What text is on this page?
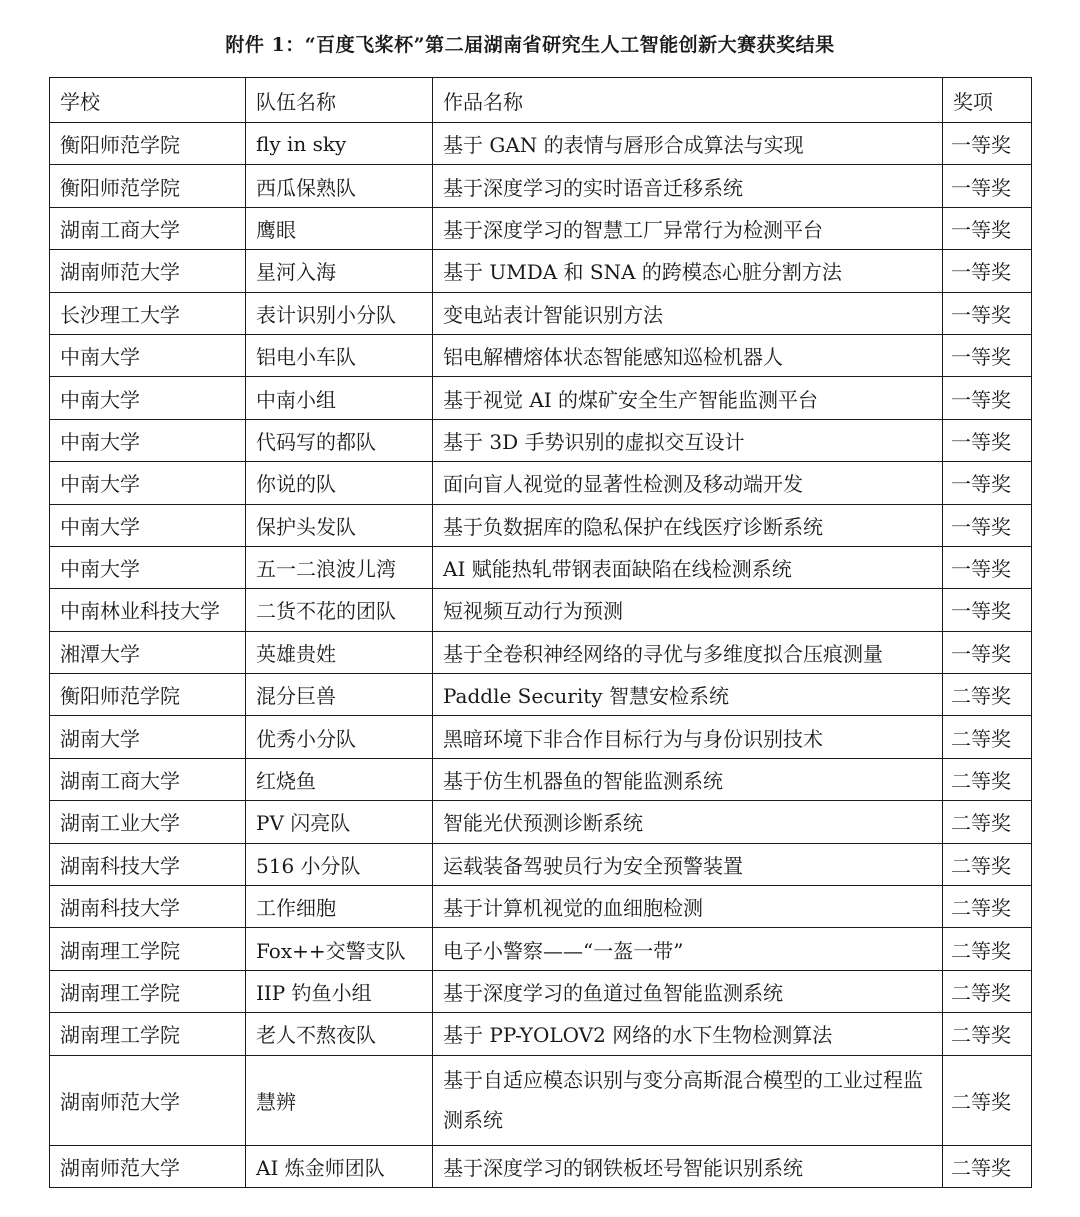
附件 1：“百度飞桨杯”第二届湖南省研究生人工智能创新大赛获奖结果
学校	队伍名称	作品名称	奖项
衡阳师范学院	fly in sky	基于 GAN 的表情与唇形合成算法与实现	一等奖
衡阳师范学院	西瓜保熟队	基于深度学习的实时语音迁移系统	一等奖
湖南工商大学	鹰眼	基于深度学习的智慧工厂异常行为检测平台	一等奖
湖南师范大学	星河入海	基于 UMDA 和 SNA 的跨模态心脏分割方法	一等奖
长沙理工大学	表计识别小分队	变电站表计智能识别方法	一等奖
中南大学	铝电小车队	铝电解槽熔体状态智能感知巡检机器人	一等奖
中南大学	中南小组	基于视觉 AI 的煤矿安全生产智能监测平台	一等奖
中南大学	代码写的都队	基于 3D 手势识别的虚拟交互设计	一等奖
中南大学	你说的队	面向盲人视觉的显著性检测及移动端开发	一等奖
中南大学	保护头发队	基于负数据库的隐私保护在线医疗诊断系统	一等奖
中南大学	五一二浪波儿湾	AI 赋能热轧带钢表面缺陷在线检测系统	一等奖
中南林业科技大学	二货不花的团队	短视频互动行为预测	一等奖
湘潭大学	英雄贵姓	基于全卷积神经网络的寻优与多维度拟合压痕测量	一等奖
衡阳师范学院	混分巨兽	Paddle Security 智慧安检系统	二等奖
湖南大学	优秀小分队	黑暗环境下非合作目标行为与身份识别技术	二等奖
湖南工商大学	红烧鱼	基于仿生机器鱼的智能监测系统	二等奖
湖南工业大学	PV 闪亮队	智能光伏预测诊断系统	二等奖
湖南科技大学	516 小分队	运载装备驾驶员行为安全预警装置	二等奖
湖南科技大学	工作细胞	基于计算机视觉的血细胞检测	二等奖
湖南理工学院	Fox++交警支队	电子小警察——“一盔一带”	二等奖
湖南理工学院	IIP 钓鱼小组	基于深度学习的鱼道过鱼智能监测系统	二等奖
湖南理工学院	老人不熬夜队	基于 PP-YOLOV2 网络的水下生物检测算法	二等奖
湖南师范大学	慧辨	基于自适应模态识别与变分高斯混合模型的工业过程监测系统	二等奖
湖南师范大学	AI 炼金师团队	基于深度学习的钢铁板坯号智能识别系统	二等奖
